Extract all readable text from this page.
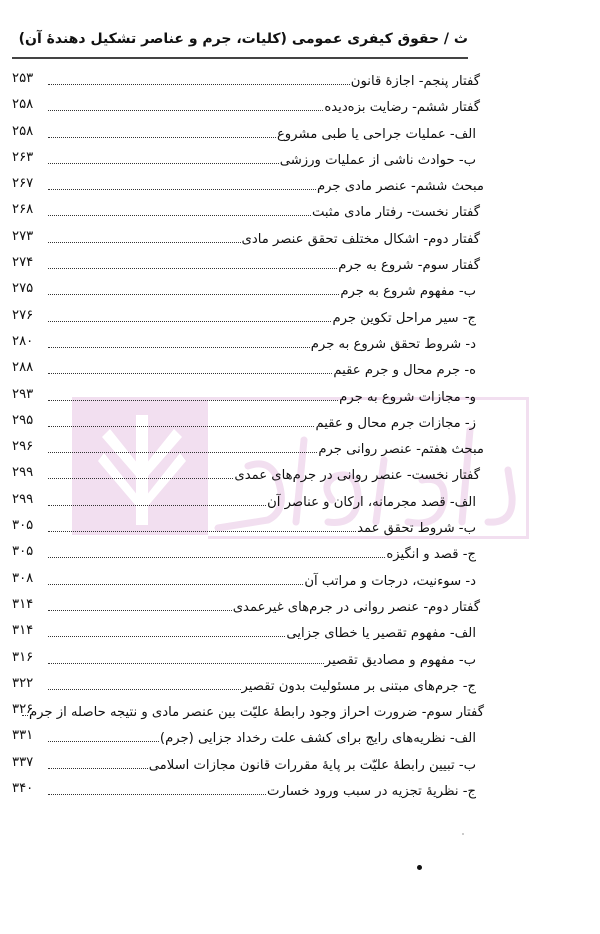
ث / حقوق کیفری عمومی (کلیات، جرم و عناصر تشکیل دهندهٔ آن)
گفتار پنجم- اجازهٔ قانون
۲۵۳
گفتار ششم- رضایت بزه‌دیده
۲۵۸
الف- عملیات جراحی یا طبی مشروع
۲۵۸
ب- حوادث ناشی از عملیات ورزشی
۲۶۳
مبحث ششم- عنصر مادی جرم
۲۶۷
گفتار نخست- رفتار مادی مثبت
۲۶۸
گفتار دوم- اشکال مختلف تحقق عنصر مادی
۲۷۳
گفتار سوم- شروع به جرم
۲۷۴
ب- مفهوم شروع به جرم
۲۷۵
ج- سیر مراحل تکوین جرم
۲۷۶
د- شروط تحقق شروع به جرم
۲۸۰
ه- جرم محال و جرم عقیم
۲۸۸
و- مجازات شروع به جرم
۲۹۳
ز- مجازات جرم محال و عقیم
۲۹۵
مبحث هفتم- عنصر روانی جرم
۲۹۶
گفتار نخست- عنصر روانی در جرم‌های عمدی
۲۹۹
الف- قصد مجرمانه، ارکان و عناصر آن
۲۹۹
ب- شروط تحقق عمد
۳۰۵
ج- قصد و انگیزه
۳۰۵
د- سوءنیت، درجات و مراتب آن
۳۰۸
گفتار دوم- عنصر روانی در جرم‌های غیرعمدی
۳۱۴
الف- مفهوم تقصیر یا خطای جزایی
۳۱۴
ب- مفهوم و مصادیق تقصیر
۳۱۶
ج- جرم‌های مبتنی بر مسئولیت بدون تقصیر
۳۲۲
گفتار سوم- ضرورت احراز وجود رابطهٔ علیّت بین عنصر مادی و نتیجه حاصله از جرم
۳۲۶
الف- نظریه‌های رایج برای کشف علت رخداد جزایی (جرم)
۳۳۱
ب- تبیین رابطهٔ علیّت بر پایهٔ مقررات قانون مجازات اسلامی
۳۳۷
ج- نظریهٔ تجزیه در سبب ورود خسارت
۳۴۰
